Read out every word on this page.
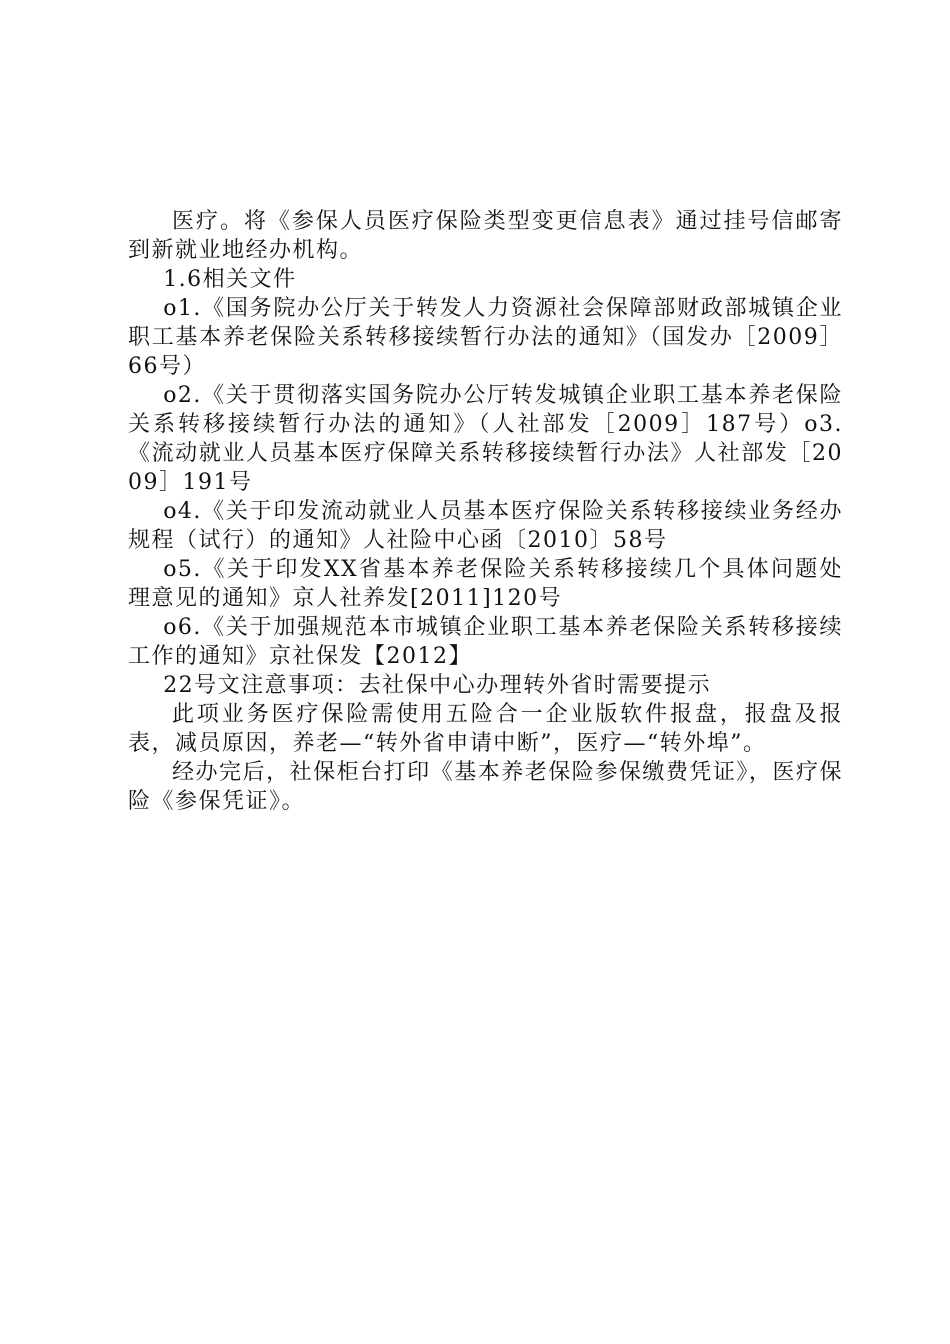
医疗。将《参保人员医疗保险类型变更信息表》通过挂号信邮寄到新就业地经办机构。

1.6相关文件

o1.《国务院办公厅关于转发人力资源社会保障部财政部城镇企业职工基本养老保险关系转移接续暂行办法的通知》（国发办［2009］66号）

o2.《关于贯彻落实国务院办公厅转发城镇企业职工基本养老保险关系转移接续暂行办法的通知》（人社部发［2009］187号）o3.《流动就业人员基本医疗保障关系转移接续暂行办法》人社部发［2009］191号

o4.《关于印发流动就业人员基本医疗保险关系转移接续业务经办规程（试行）的通知》人社险中心函〔2010〕58号

o5.《关于印发XX省基本养老保险关系转移接续几个具体问题处理意见的通知》京人社养发[2011]120号

o6.《关于加强规范本市城镇企业职工基本养老保险关系转移接续工作的通知》京社保发【2012】

22号文注意事项：去社保中心办理转外省时需要提示

此项业务医疗保险需使用五险合一企业版软件报盘，报盘及报表，减员原因，养老—“转外省申请中断”，医疗—“转外埠”。

经办完后，社保柜台打印《基本养老保险参保缴费凭证》，医疗保险《参保凭证》。
